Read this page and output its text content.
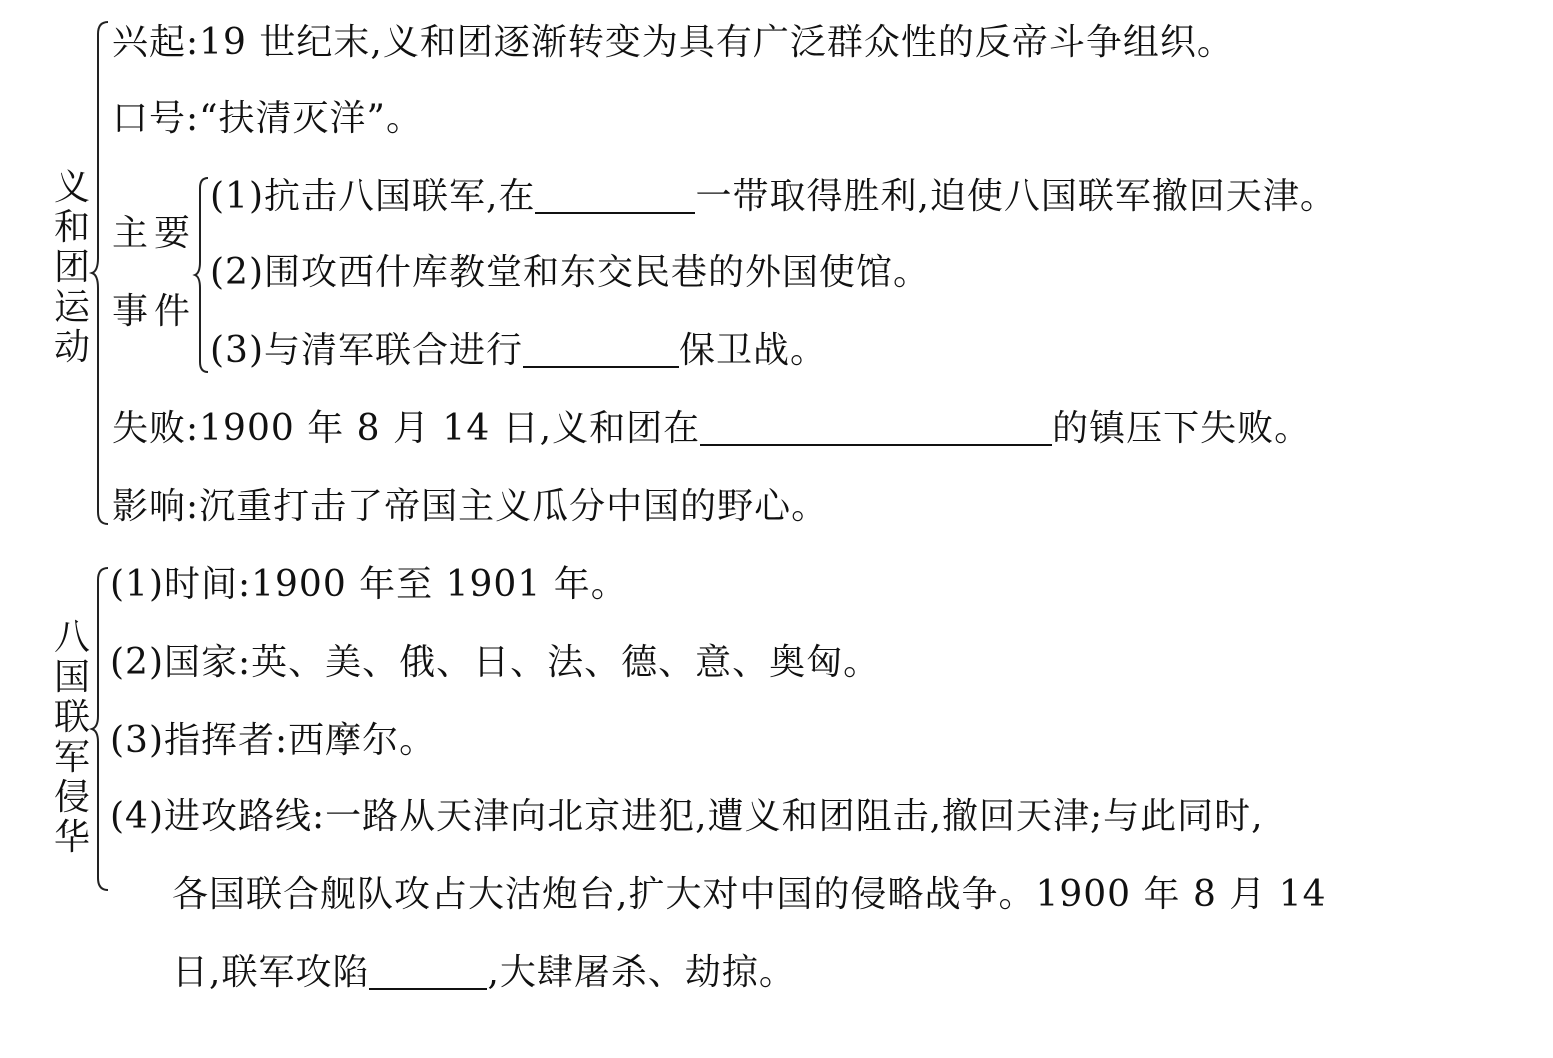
义和团运动
兴起:19 世纪末,义和团逐渐转变为具有广泛群众性的反帝斗争组织。
口号:“扶清灭洋”。
主要
事件
(1)抗击八国联军,在	一带取得胜利,迫使八国联军撤回天津。
(2)围攻西什库教堂和东交民巷的外国使馆。
(3)与清军联合进行	保卫战。
失败:1900 年 8 月 14 日,义和团在	的镇压下失败。
影响:沉重打击了帝国主义瓜分中国的野心。
八国联军侵华
(1)时间:1900 年至 1901 年。
(2)国家:英、美、俄、日、法、德、意、奥匈。
(3)指挥者:西摩尔。
(4)进攻路线:一路从天津向北京进犯,遭义和团阻击,撤回天津;与此同时,
各国联合舰队攻占大沽炮台,扩大对中国的侵略战争。1900 年 8 月 14
日,联军攻陷	,大肆屠杀、劫掠。
